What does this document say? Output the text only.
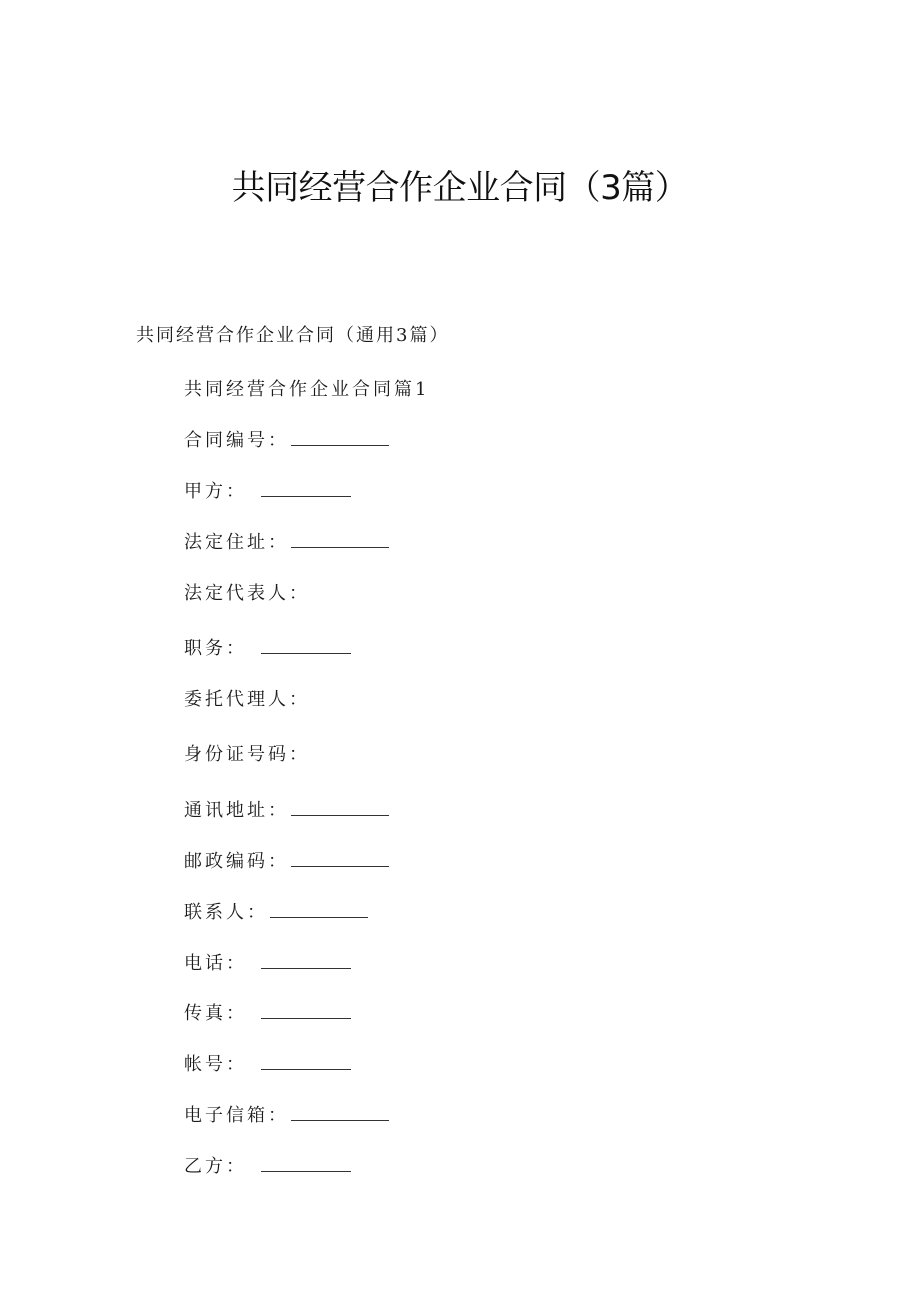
共同经营合作企业合同（3篇）
共同经营合作企业合同（通用3篇）
共同经营合作企业合同篇1
合同编号：
甲方：
法定住址：
法定代表人：
职务：
委托代理人：
身份证号码：
通讯地址：
邮政编码：
联系人：
电话：
传真：
帐号：
电子信箱：
乙方：
